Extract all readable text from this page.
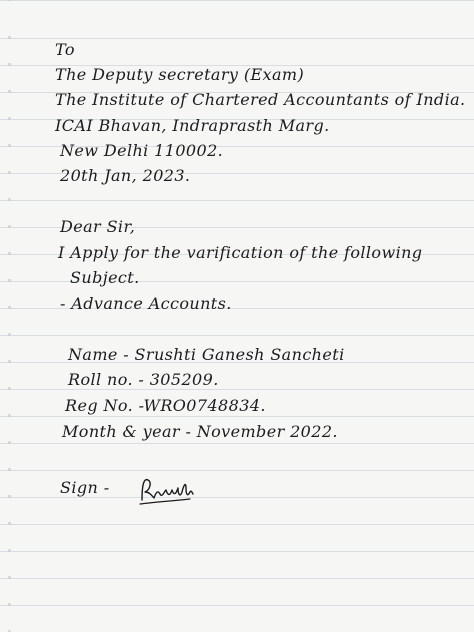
To
The Deputy secretary (Exam)
The Institute of Chartered Accountants of India.
ICAI Bhavan, Indraprasth Marg.
New Delhi 110002.
20th Jan, 2023.
Dear Sir,
I Apply for the varification of the following
Subject.
- Advance Accounts.
Name - Srushti Ganesh Sancheti
Roll no. - 305209.
Reg No. -WRO0748834.
Month & year - November 2022.
Sign -
